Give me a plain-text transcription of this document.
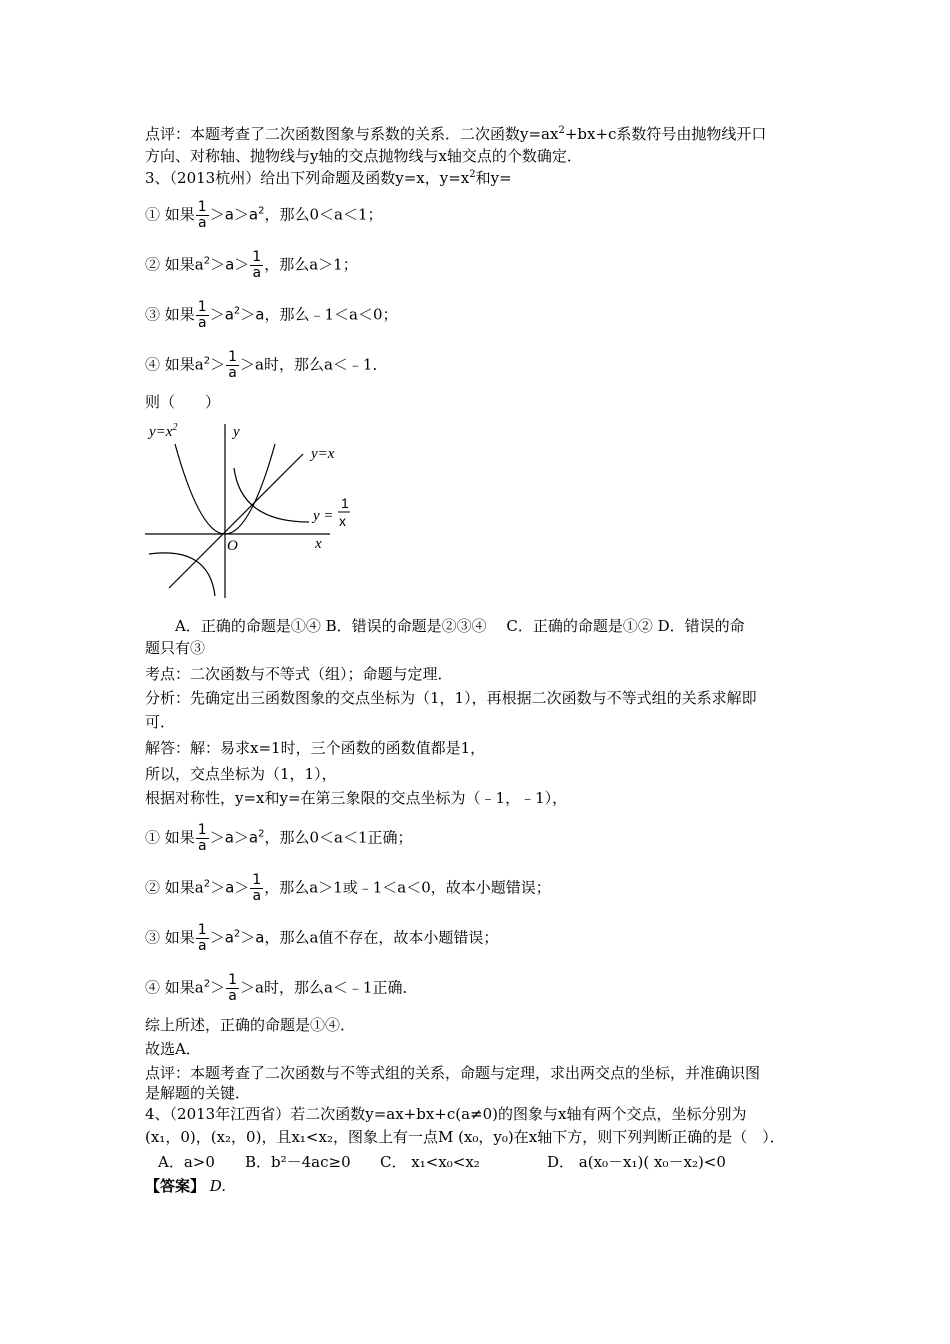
点评：本题考查了二次函数图象与系数的关系．二次函数$y=ax^2+bx+c$系数符号由抛物线开口
方向、对称轴、抛物线与y轴的交点抛物线与x轴交点的个数确定．
3、（2013杭州）给出下列命题及函数y=x，$y=x^2$和y=
① 如果 $\frac{1}{a} >a>a^2$，那么0＜a＜1；
② 如果$a^2>a> \frac{1}{a}$ ，那么a＞1；
③ 如果 $\frac{1}{a} >a^2>a$，那么﹣1＜a＜0；
④ 如果$a^2> \frac{1}{a} >a$时，那么a＜﹣1．
则（　　）
$y=x^2$	y
y=x
y =
1
x
O	x
A．正确的命题是①④ B．错误的命题是②③④　 C．正确的命题是①② D．错误的命
题只有③
考点：二次函数与不等式（组）；命题与定理．
分析：先确定出三函数图象的交点坐标为（1，1），再根据二次函数与不等式组的关系求解即
可．
解答：解：易求x=1时，三个函数的函数值都是1，
所以，交点坐标为（1，1），
根据对称性，y=x和y=在第三象限的交点坐标为（﹣1，﹣1），
① 如果 $\frac{1}{a} >a>a^2$，那么0＜a＜1正确；
② 如果$a^2>a> \frac{1}{a}$ ，那么a＞1或﹣1＜a＜0，故本小题错误；
③ 如果 $\frac{1}{a} >a^2>a$，那么a值不存在，故本小题错误；
④ 如果$a^2> \frac{1}{a} >a$时，那么a＜﹣1正确．
综上所述，正确的命题是①④．
故选A．
点评：本题考查了二次函数与不等式组的关系，命题与定理，求出两交点的坐标，并准确识图
是解题的关键．
4、（2013年江西省）若二次函数y=ax+bx+c(a≠0)的图象与x轴有两个交点，坐标分别为
(x₁，0)，(x₂，0)，且x₁<x₂，图象上有一点M (x₀，y₀)在x轴下方，则下列判断正确的是（　）．
A．a>0 B．b²－4ac≥0 C． x₁<x₀<x₂	D． a(x₀－x₁)( x₀－x₂)<0
【答案】 D.
